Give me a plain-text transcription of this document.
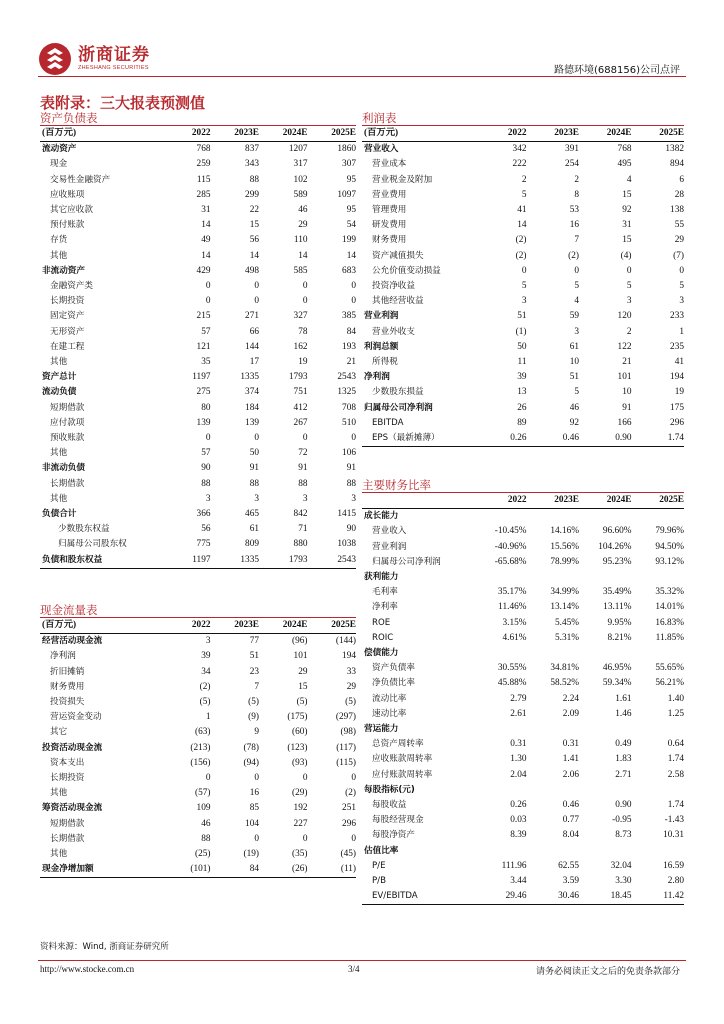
浙商证券
ZHESHANG SECURITIES	路德环境(688156)公司点评
表附录：三大报表预测值
资产负债表
(百万元)	2022	2023E	2024E	2025E
流动资产	768	837	1207	1860
现金	259	343	317	307
交易性金融资产	115	88	102	95
应收账项	285	299	589	1097
其它应收款	31	22	46	95
预付账款	14	15	29	54
存货	49	56	110	199
其他	14	14	14	14
非流动资产	429	498	585	683
金融资产类	0	0	0	0
长期投资	0	0	0	0
固定资产	215	271	327	385
无形资产	57	66	78	84
在建工程	121	144	162	193
其他	35	17	19	21
资产总计	1197	1335	1793	2543
流动负债	275	374	751	1325
短期借款	80	184	412	708
应付款项	139	139	267	510
预收账款	0	0	0	0
其他	57	50	72	106
非流动负债	90	91	91	91
长期借款	88	88	88	88
其他	3	3	3	3
负债合计	366	465	842	1415
少数股东权益	56	61	71	90
归属母公司股东权	775	809	880	1038
负债和股东权益	1197	1335	1793	2543
现金流量表
(百万元)	2022	2023E	2024E	2025E
经营活动现金流	3	77	(96)	(144)
净利润	39	51	101	194
折旧摊销	34	23	29	33
财务费用	(2)	7	15	29
投资损失	(5)	(5)	(5)	(5)
营运资金变动	1	(9)	(175)	(297)
其它	(63)	9	(60)	(98)
投资活动现金流	(213)	(78)	(123)	(117)
资本支出	(156)	(94)	(93)	(115)
长期投资	0	0	0	0
其他	(57)	16	(29)	(2)
筹资活动现金流	109	85	192	251
短期借款	46	104	227	296
长期借款	88	0	0	0
其他	(25)	(19)	(35)	(45)
现金净增加额	(101)	84	(26)	(11)
利润表
(百万元)	2022	2023E	2024E	2025E
营业收入	342	391	768	1382
营业成本	222	254	495	894
营业税金及附加	2	2	4	6
营业费用	5	8	15	28
管理费用	41	53	92	138
研发费用	14	16	31	55
财务费用	(2)	7	15	29
资产减值损失	(2)	(2)	(4)	(7)
公允价值变动损益	0	0	0	0
投资净收益	5	5	5	5
其他经营收益	3	4	3	3
营业利润	51	59	120	233
营业外收支	(1)	3	2	1
利润总额	50	61	122	235
所得税	11	10	21	41
净利润	39	51	101	194
少数股东损益	13	5	10	19
归属母公司净利润	26	46	91	175
EBITDA	89	92	166	296
EPS（最新摊薄）	0.26	0.46	0.90	1.74
主要财务比率
	2022	2023E	2024E	2025E
成长能力				
营业收入	-10.45%	14.16%	96.60%	79.96%
营业利润	-40.96%	15.56%	104.26%	94.50%
归属母公司净利润	-65.68%	78.99%	95.23%	93.12%
获利能力				
毛利率	35.17%	34.99%	35.49%	35.32%
净利率	11.46%	13.14%	13.11%	14.01%
ROE	3.15%	5.45%	9.95%	16.83%
ROIC	4.61%	5.31%	8.21%	11.85%
偿债能力				
资产负债率	30.55%	34.81%	46.95%	55.65%
净负债比率	45.88%	58.52%	59.34%	56.21%
流动比率	2.79	2.24	1.61	1.40
速动比率	2.61	2.09	1.46	1.25
营运能力				
总资产周转率	0.31	0.31	0.49	0.64
应收账款周转率	1.30	1.41	1.83	1.74
应付账款周转率	2.04	2.06	2.71	2.58
每股指标(元)				
每股收益	0.26	0.46	0.90	1.74
每股经营现金	0.03	0.77	-0.95	-1.43
每股净资产	8.39	8.04	8.73	10.31
估值比率				
P/E	111.96	62.55	32.04	16.59
P/B	3.44	3.59	3.30	2.80
EV/EBITDA	29.46	30.46	18.45	11.42
资料来源：Wind, 浙商证券研究所
http://www.stocke.com.cn	3/4	请务必阅读正文之后的免责条款部分
